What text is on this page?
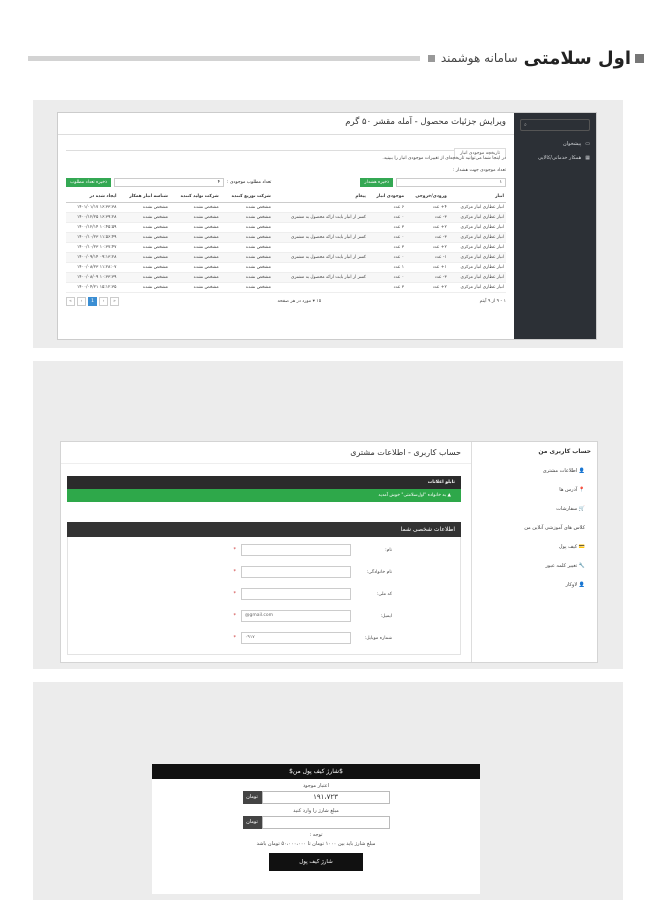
اول سلامتی
سامانه هوشمند
⌕
▭
پیشخوان
▦
همکار خدماتی/کالایی
ویرایش جزئیات محصول - آمله مقشر ۵۰ گرم
تاریخچه موجودی انبار
در اینجا شما می‌توانید تاریخچه‌ای از تغییرات موجودی انبار را ببینید.
تعداد موجودی جهت هشدار :
۱
ذخیره هشدار
تعداد مطلوب موجودی :
۴
ذخیره تعداد مطلوب
انبار	ورودی/خروجی	موجودی انبار	پیغام	شرکت توزیع کننده	شرکت تولید کننده	شناسه انبار همکار	ایجاد شده در
انبار عطاری انبار مرکزی	۴+ عدد	۶ عدد		مشخص نشده	مشخص نشده	مشخص نشده	۱۶:۳۳:۳۸ ۱۴۰۱/۰۱/۱۷
انبار عطاری انبار مرکزی	۳- عدد	۰ عدد	کسر از انبار بابت ارائه محصول به مشتری	مشخص نشده	مشخص نشده	مشخص نشده	۱۶:۳۹:۲۸ ۱۴۰۰/۱۲/۲۵
انبار عطاری انبار مرکزی	۲+ عدد	۳ عدد		مشخص نشده	مشخص نشده	مشخص نشده	۱۰:۴۵:۵۹ ۱۴۰۰/۱۲/۱۴
انبار عطاری انبار مرکزی	۳- عدد	۰ عدد	کسر از انبار بابت ارائه محصول به مشتری	مشخص نشده	مشخص نشده	مشخص نشده	۱۱:۵۶:۴۹ ۱۴۰۰/۱۰/۲۳
انبار عطاری انبار مرکزی	۲+ عدد	۳ عدد		مشخص نشده	مشخص نشده	مشخص نشده	۱۰:۳۷:۴۷ ۱۴۰۰/۱۰/۲۳
انبار عطاری انبار مرکزی	۱- عدد	۰ عدد	کسر از انبار بابت ارائه محصول به مشتری	مشخص نشده	مشخص نشده	مشخص نشده	۰۹:۱۳:۲۸ ۱۴۰۰/۰۹/۱۴
انبار عطاری انبار مرکزی	۱+ عدد	۱ عدد		مشخص نشده	مشخص نشده	مشخص نشده	۱۱:۲۸:۰۷ ۱۴۰۰/۰۸/۲۳
انبار عطاری انبار مرکزی	۳- عدد	۰ عدد	کسر از انبار بابت ارائه محصول به مشتری	مشخص نشده	مشخص نشده	مشخص نشده	۱۰:۳۳:۳۹ ۱۴۰۰/۰۸/۰۹
انبار عطاری انبار مرکزی	۲+ عدد	۳ عدد		مشخص نشده	مشخص نشده	مشخص نشده	۱۵:۱۲:۳۵ ۱۴۰۰/۰۴/۲۱
۱ - ۹ از ۹ آیتم
۱۵ ▾ مورد در هر صفحه
«	‹	1	›	»

حساب کاربری من
👤 اطلاعات مشتری
📍 آدرس ها
🛒 سفارشات
کلاس های آموزشی آنلاین من
💳 کیف پول
🔧 تغییر کلمه عبور
👤 لاوکار
حساب کاربری - اطلاعات مشتری
تابلو اعلانات
▲ به خانواده "اول‌سلامتی" خوش آمدید
اطلاعات شخصی شما
نام:
*
نام خانوادگی:
*
کد ملی:
*
ایمیل:
@gmail.com
*
شماره موبایل:
۰۹۱۷
*

$شارژ کیف پول من$
اعتبار موجود
تومان	۱۹۱،۷۲۳
مبلغ شارژ را وارد کنید
تومان
توجه :
مبلغ شارژ باید بین ۱۰۰۰ تومان تا ۵۰،۰۰۰،۰۰۰ تومان باشد
شارژ کیف پول
